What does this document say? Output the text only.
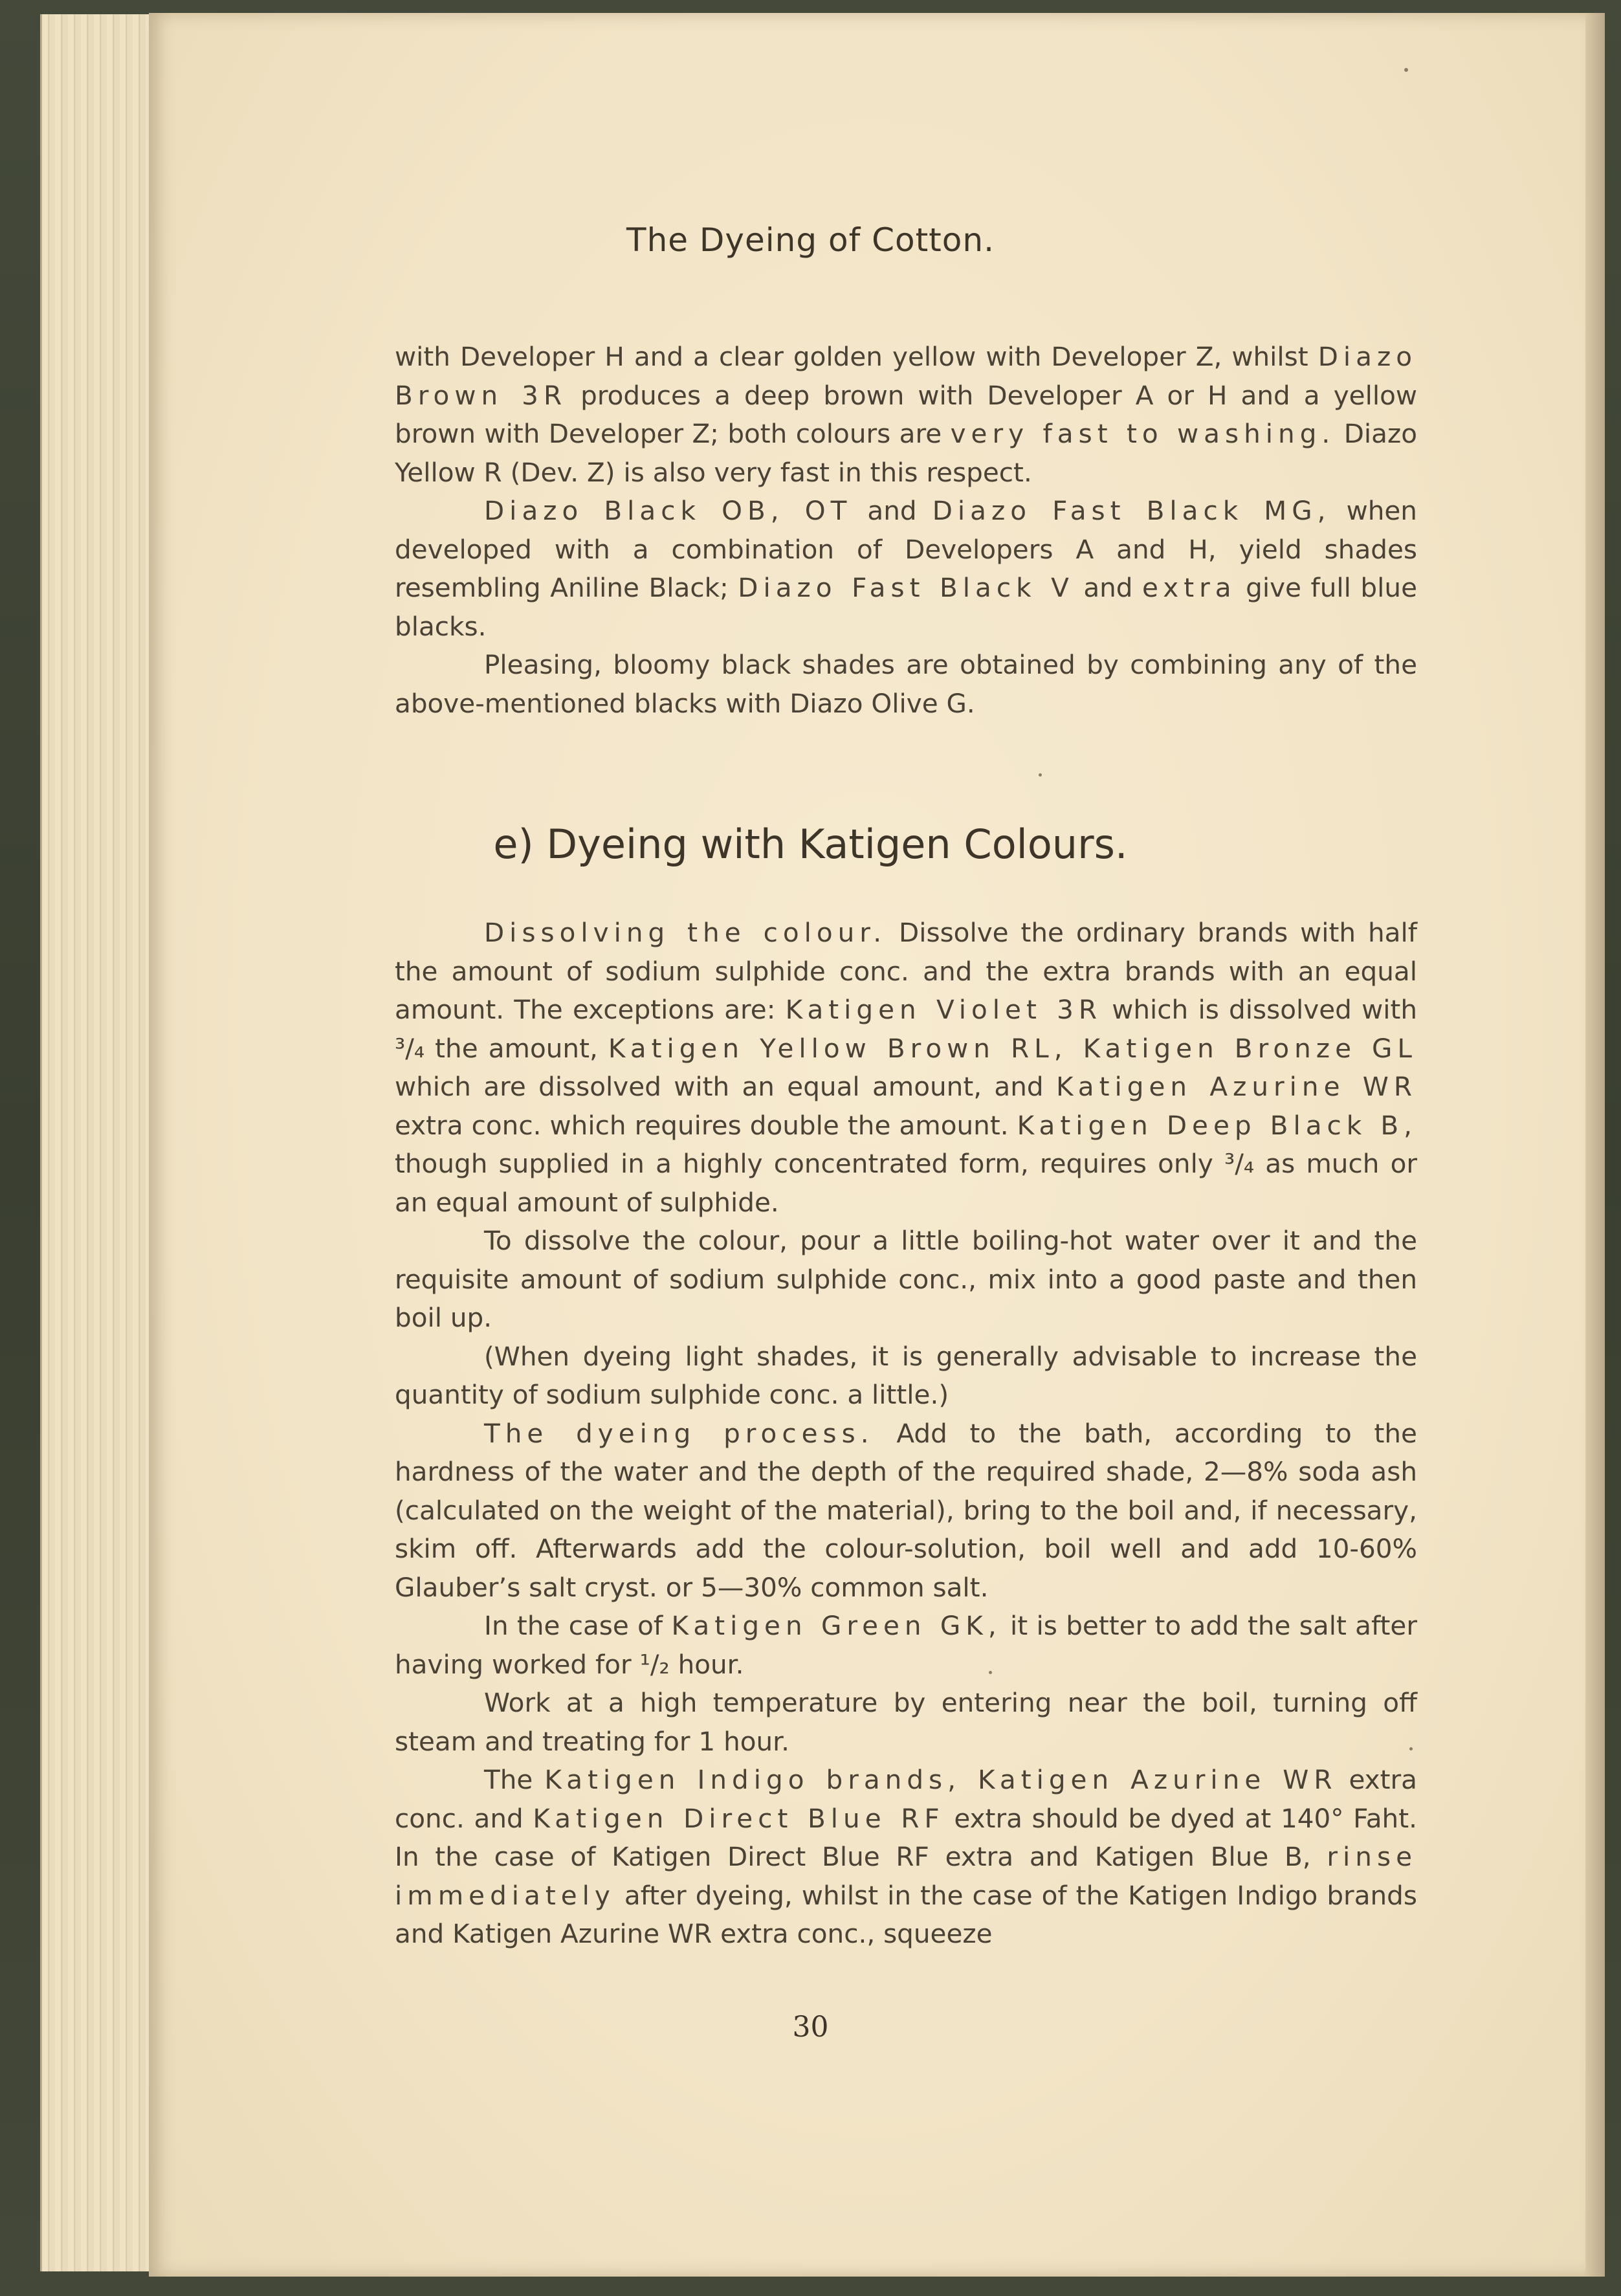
The Dyeing of Cotton.

with Developer H and a clear golden yellow with Developer Z, whilst Diazo Brown 3R produces a deep brown with Developer A or H and a yellow brown with Developer Z; both colours are very fast to washing. Diazo Yellow R (Dev. Z) is also very fast in this respect.

Diazo Black OB, OT and Diazo Fast Black MG, when developed with a combination of Developers A and H, yield shades resembling Aniline Black; Diazo Fast Black V and extra give full blue blacks.

Pleasing, bloomy black shades are obtained by combining any of the above-mentioned blacks with Diazo Olive G.

e) Dyeing with Katigen Colours.

Dissolving the colour. Dissolve the ordinary brands with half the amount of sodium sulphide conc. and the extra brands with an equal amount. The exceptions are: Katigen Violet 3R which is dissolved with ³/₄ the amount, Katigen Yellow Brown RL, Katigen Bronze GL which are dissolved with an equal amount, and Katigen Azurine WR extra conc. which requires double the amount. Katigen Deep Black B, though supplied in a highly concentrated form, requires only ³/₄ as much or an equal amount of sulphide.

To dissolve the colour, pour a little boiling-hot water over it and the requisite amount of sodium sulphide conc., mix into a good paste and then boil up.

(When dyeing light shades, it is generally advisable to increase the quantity of sodium sulphide conc. a little.)

The dyeing process. Add to the bath, according to the hardness of the water and the depth of the required shade, 2—8% soda ash (calculated on the weight of the material), bring to the boil and, if necessary, skim off. Afterwards add the colour-solution, boil well and add 10-60% Glauber’s salt cryst. or 5—30% common salt.

In the case of Katigen Green GK, it is better to add the salt after having worked for ¹/₂ hour.

Work at a high temperature by entering near the boil, turning off steam and treating for 1 hour.

The Katigen Indigo brands, Katigen Azurine WR extra conc. and Katigen Direct Blue RF extra should be dyed at 140° Faht. In the case of Katigen Direct Blue RF extra and Katigen Blue B, rinse immediately after dyeing, whilst in the case of the Katigen Indigo brands and Katigen Azurine WR extra conc., squeeze

30
